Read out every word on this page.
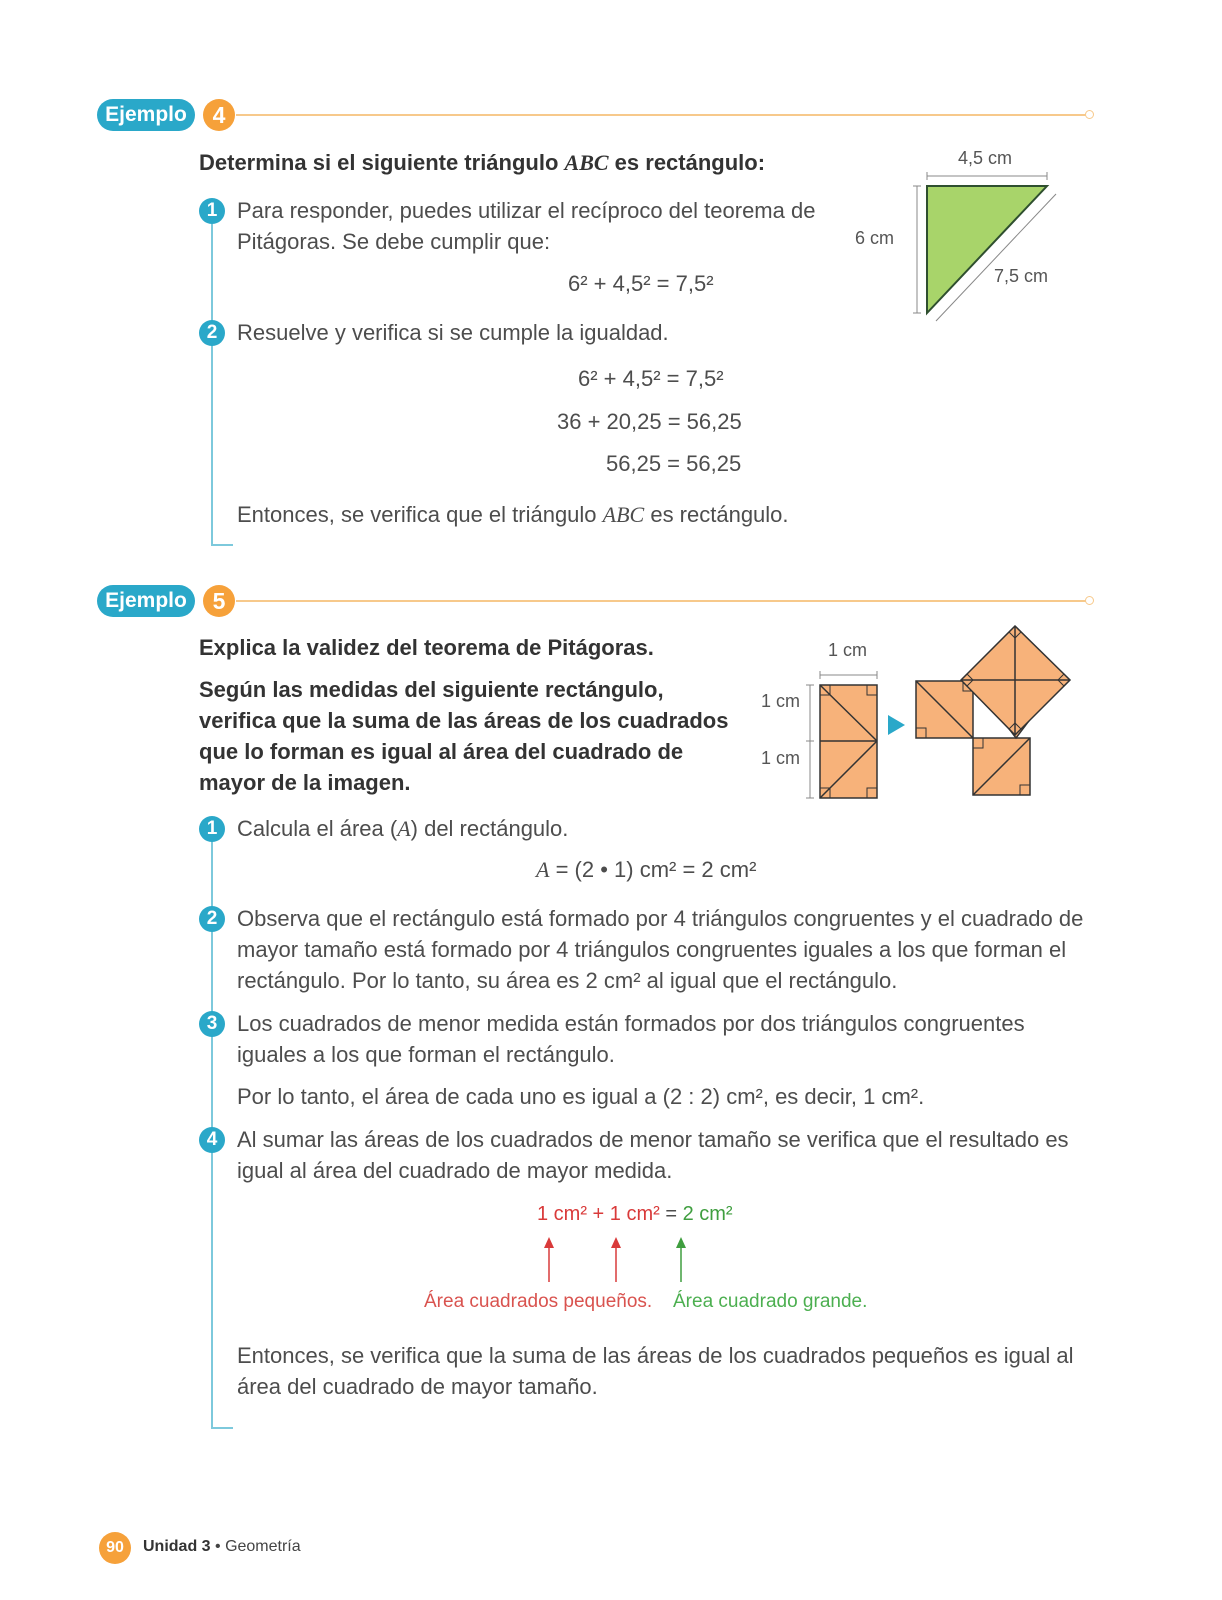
Ejemplo	4
Determina si el siguiente triángulo ABC es rectángulo:
1 Para responder, puedes utilizar el recíproco del teorema de Pitágoras. Se debe cumplir que:
6² + 4,5² = 7,5²
2 Resuelve y verifica si se cumple la igualdad.
6² + 4,5² = 7,5²
36 + 20,25 = 56,25
56,25 = 56,25
Entonces, se verifica que el triángulo ABC es rectángulo.
4,5 cm
6 cm
7,5 cm
Ejemplo	5
Explica la validez del teorema de Pitágoras.
Según las medidas del siguiente rectángulo, verifica que la suma de las áreas de los cuadrados que lo forman es igual al área del cuadrado de mayor de la imagen.
1 cm
1 cm
1 cm
1 Calcula el área (A) del rectángulo.
A = (2 • 1) cm² = 2 cm²
2 Observa que el rectángulo está formado por 4 triángulos congruentes y el cuadrado de mayor tamaño está formado por 4 triángulos congruentes iguales a los que forman el rectángulo. Por lo tanto, su área es 2 cm² al igual que el rectángulo.
3 Los cuadrados de menor medida están formados por dos triángulos congruentes iguales a los que forman el rectángulo.
Por lo tanto, el área de cada uno es igual a (2 : 2) cm², es decir, 1 cm².
4 Al sumar las áreas de los cuadrados de menor tamaño se verifica que el resultado es igual al área del cuadrado de mayor medida.
1 cm² + 1 cm² = 2 cm²
Área cuadrados pequeños. Área cuadrado grande.
Entonces, se verifica que la suma de las áreas de los cuadrados pequeños es igual al área del cuadrado de mayor tamaño.
90	Unidad 3 • Geometría
